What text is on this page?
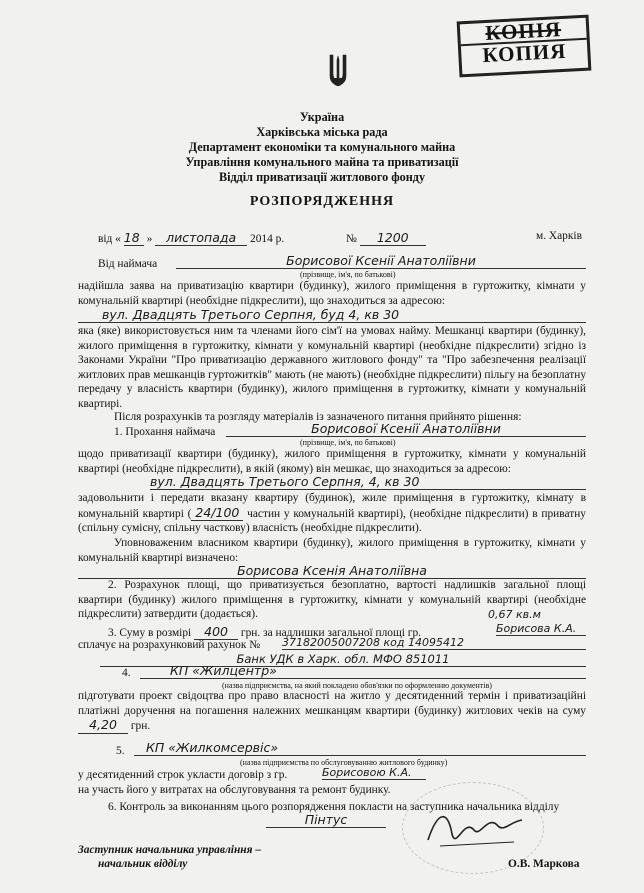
КОПІЯ
КОПИЯ
Україна
Харківська міська рада
Департамент економіки та комунального майна
Управління комунального майна та приватизації
Відділ приватизації житлового фонду
РОЗПОРЯДЖЕННЯ
від « 18 » листопада 2014 р.	№ 1200	м. Харків
Від наймача	Борисової Ксенії Анатоліївни
(прізвище, ім'я, по батькові)
надійшла заява на приватизацію квартири (будинку), жилого приміщення в гуртожитку, кімнати у комунальній квартирі (необхідне підкреслити), що знаходиться за адресою:
вул. Двадцять Третього Серпня, буд 4, кв 30
яка (яке) використовується ним та членами його сім'ї на умовах найму. Мешканці квартири (будинку), жилого приміщення в гуртожитку, кімнати у комунальній квартирі (необхідне підкреслити) згідно із Законами України "Про приватизацію державного житлового фонду" та "Про забезпечення реалізації житлових прав мешканців гуртожитків" мають (не мають) (необхідне підкреслити) пільгу на безоплатну передачу у власність квартири (будинку), жилого приміщення в гуртожитку, кімнати у комунальній квартирі.
Після розрахунків та розгляду матеріалів із зазначеного питання прийнято рішення:
1. Прохання наймача	Борисової Ксенії Анатоліївни
(прізвище, ім'я, по батькові)
щодо приватизації квартири (будинку), жилого приміщення в гуртожитку, кімнати у комунальній квартирі (необхідне підкреслити), в якій (якому) він мешкає, що знаходиться за адресою:
вул. Двадцять Третього Серпня, 4, кв 30
задовольнити і передати вказану квартиру (будинок), жиле приміщення в гуртожитку, кімнату в комунальній квартирі ( 24/100 частин у комунальній квартирі), (необхідне підкреслити) в приватну (спільну сумісну, спільну часткову) власність (необхідне підкреслити).
Уповноваженим власником квартири (будинку), жилого приміщення в гуртожитку, кімнати у комунальній квартирі визначено:
Борисова Ксенія Анатоліївна
2. Розрахунок площі, що приватизується безоплатно, вартості надлишків загальної площі квартири (будинку) жилого приміщення в гуртожитку, кімнати у комунальній квартирі (необхідне підкреслити) затвердити (додається).	0,67 кв.м
3. Суму в розмірі 400 грн. за надлишки загальної площі гр.	Борисова К.А.
сплачує на розрахунковий рахунок № 37182005007208 код 14095412
Банк УДК в Харк. обл. МФО 851011
4.	КП «Жилцентр»
(назва підприємства, на який покладено обов'язки по оформленню документів)
підготувати проект свідоцтва про право власності на житло у десятиденний термін і приватизаційні платіжні доручення на погашення належних мешканцям квартири (будинку) житлових чеків на суму 4,20 грн.
5.	КП «Жилкомсервіс»
(назва підприємства по обслуговуванню житлового будинку)
у десятиденний строк укласти договір з гр.	Борисовою К.А.
на участь його у витратах на обслуговування та ремонт будинку.
6. Контроль за виконанням цього розпорядження покласти на заступника начальника відділу
Пінтус
Заступник начальника управління –
начальник відділу	О.В. Маркова
